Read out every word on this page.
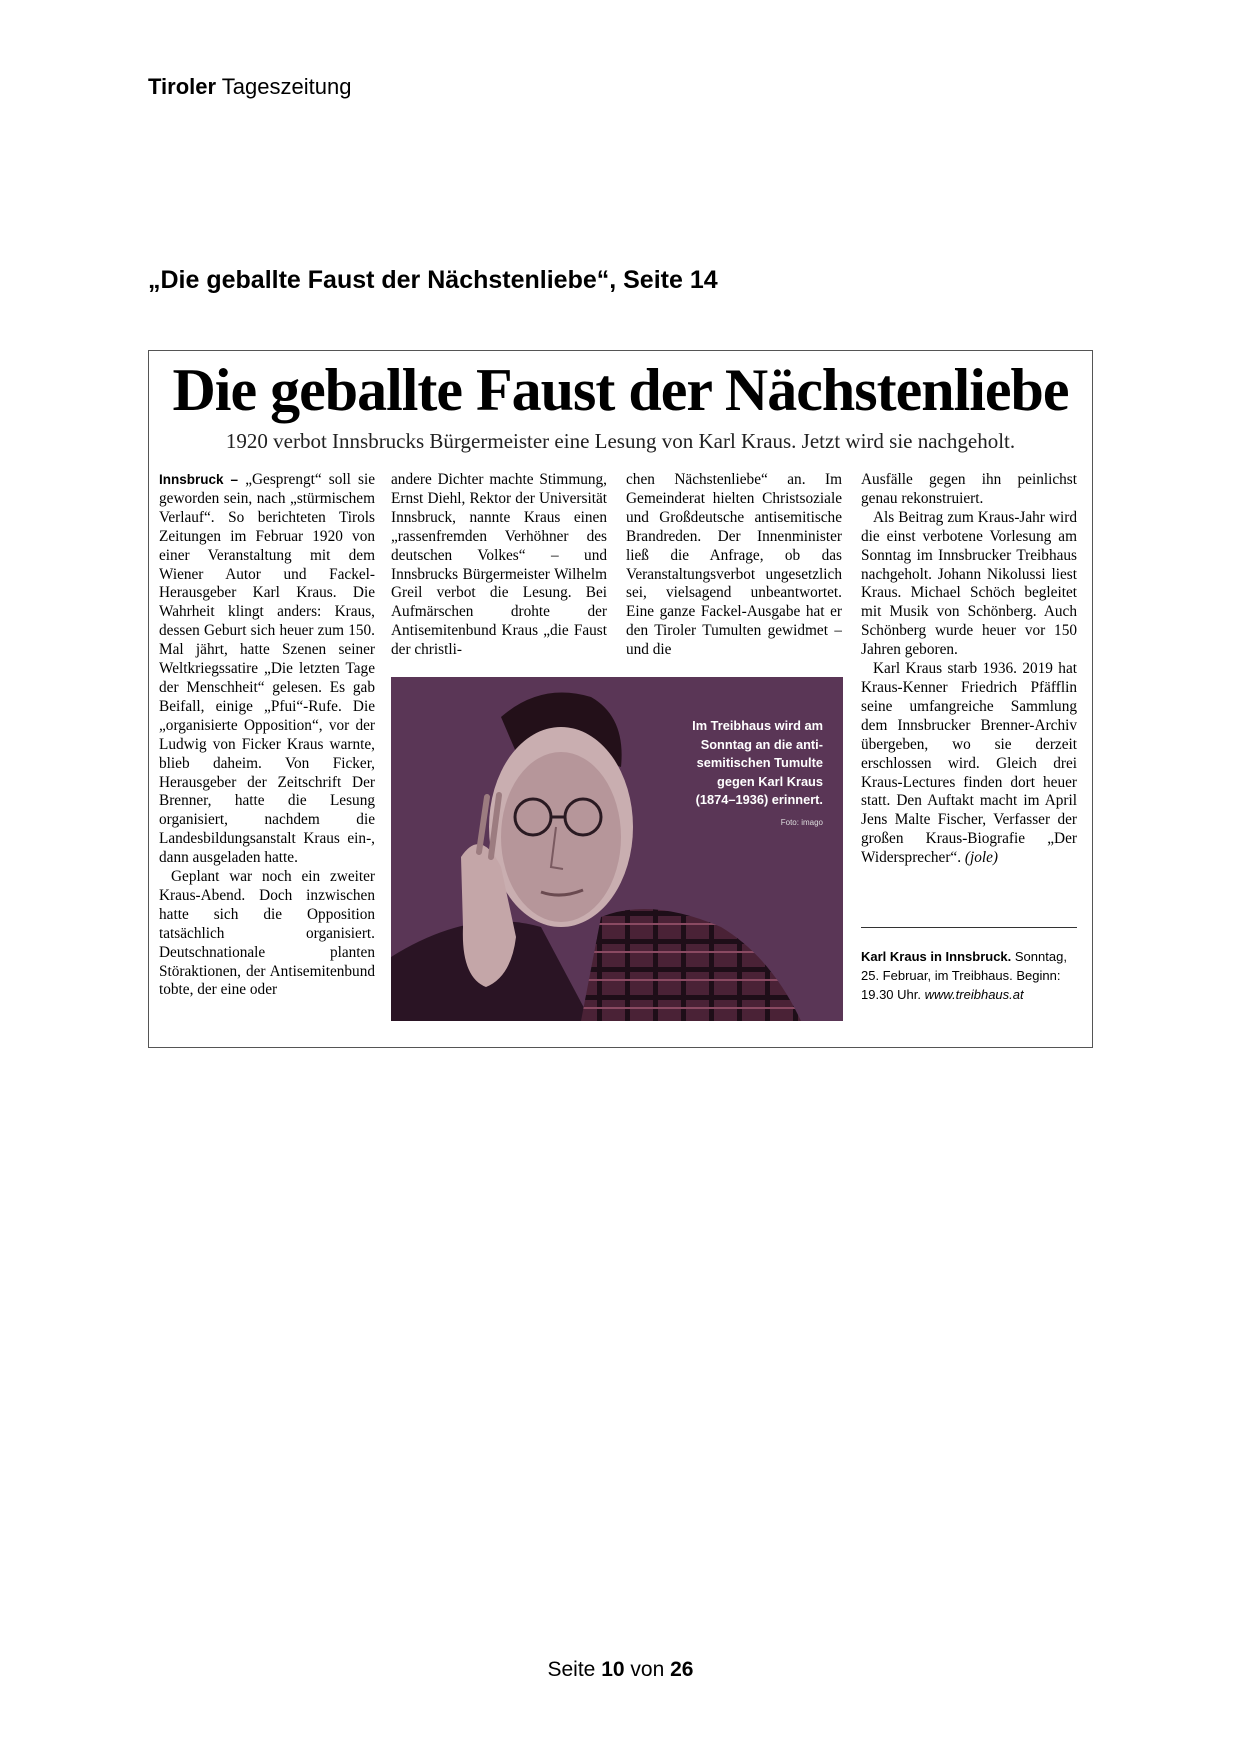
Tiroler Tageszeitung
„Die geballte Faust der Nächstenliebe“, Seite 14
Die geballte Faust der Nächstenliebe
1920 verbot Innsbrucks Bürgermeister eine Lesung von Karl Kraus. Jetzt wird sie nachgeholt.

Innsbruck – „Gesprengt“ soll sie geworden sein, nach „stürmischem Verlauf“. So berichteten Tirols Zeitungen im Februar 1920 von einer Veranstaltung mit dem Wiener Autor und Fackel-Herausgeber Karl Kraus. Die Wahrheit klingt anders: Kraus, dessen Geburt sich heuer zum 150. Mal jährt, hatte Szenen seiner Weltkriegssatire „Die letzten Tage der Menschheit“ gelesen. Es gab Beifall, einige „Pfui“-Rufe. Die „organisierte Opposition“, vor der Ludwig von Ficker Kraus warnte, blieb daheim. Von Ficker, Herausgeber der Zeitschrift Der Brenner, hatte die Lesung organisiert, nachdem die Landesbildungsanstalt Kraus ein-, dann ausgeladen hatte.

Geplant war noch ein zweiter Kraus-Abend. Doch inzwischen hatte sich die Opposition tatsächlich organisiert. Deutschnationale planten Störaktionen, der Antisemitenbund tobte, der eine oder

andere Dichter machte Stimmung, Ernst Diehl, Rektor der Universität Innsbruck, nannte Kraus einen „rassenfremden Verhöhner des deutschen Volkes“ – und Innsbrucks Bürgermeister Wilhelm Greil verbot die Lesung. Bei Aufmärschen drohte der Antisemitenbund Kraus „die Faust der christli-

chen Nächstenliebe“ an. Im Gemeinderat hielten Christsoziale und Großdeutsche antisemitische Brandreden. Der Innenminister ließ die Anfrage, ob das Veranstaltungsverbot ungesetzlich sei, vielsagend unbeantwortet. Eine ganze Fackel-Ausgabe hat er den Tiroler Tumulten gewidmet – und die

Im Treibhaus wird am
Sonntag an die anti-
semitischen Tumulte
gegen Karl Kraus
(1874–1936) erinnert.
Foto: imago

Ausfälle gegen ihn peinlichst genau rekonstruiert.

Als Beitrag zum Kraus-Jahr wird die einst verbotene Vorlesung am Sonntag im Innsbrucker Treibhaus nachgeholt. Johann Nikolussi liest Kraus. Michael Schöch begleitet mit Musik von Schönberg. Auch Schönberg wurde heuer vor 150 Jahren geboren.

Karl Kraus starb 1936. 2019 hat Kraus-Kenner Friedrich Pfäfflin seine umfangreiche Sammlung dem Innsbrucker Brenner-Archiv übergeben, wo sie derzeit erschlossen wird. Gleich drei Kraus-Lectures finden dort heuer statt. Den Auftakt macht im April Jens Malte Fischer, Verfasser der großen Kraus-Biografie „Der Widersprecher“. (jole)

Karl Kraus in Innsbruck. Sonntag, 25. Februar, im Treibhaus. Beginn: 19.30 Uhr. www.treibhaus.at
Seite 10 von 26
